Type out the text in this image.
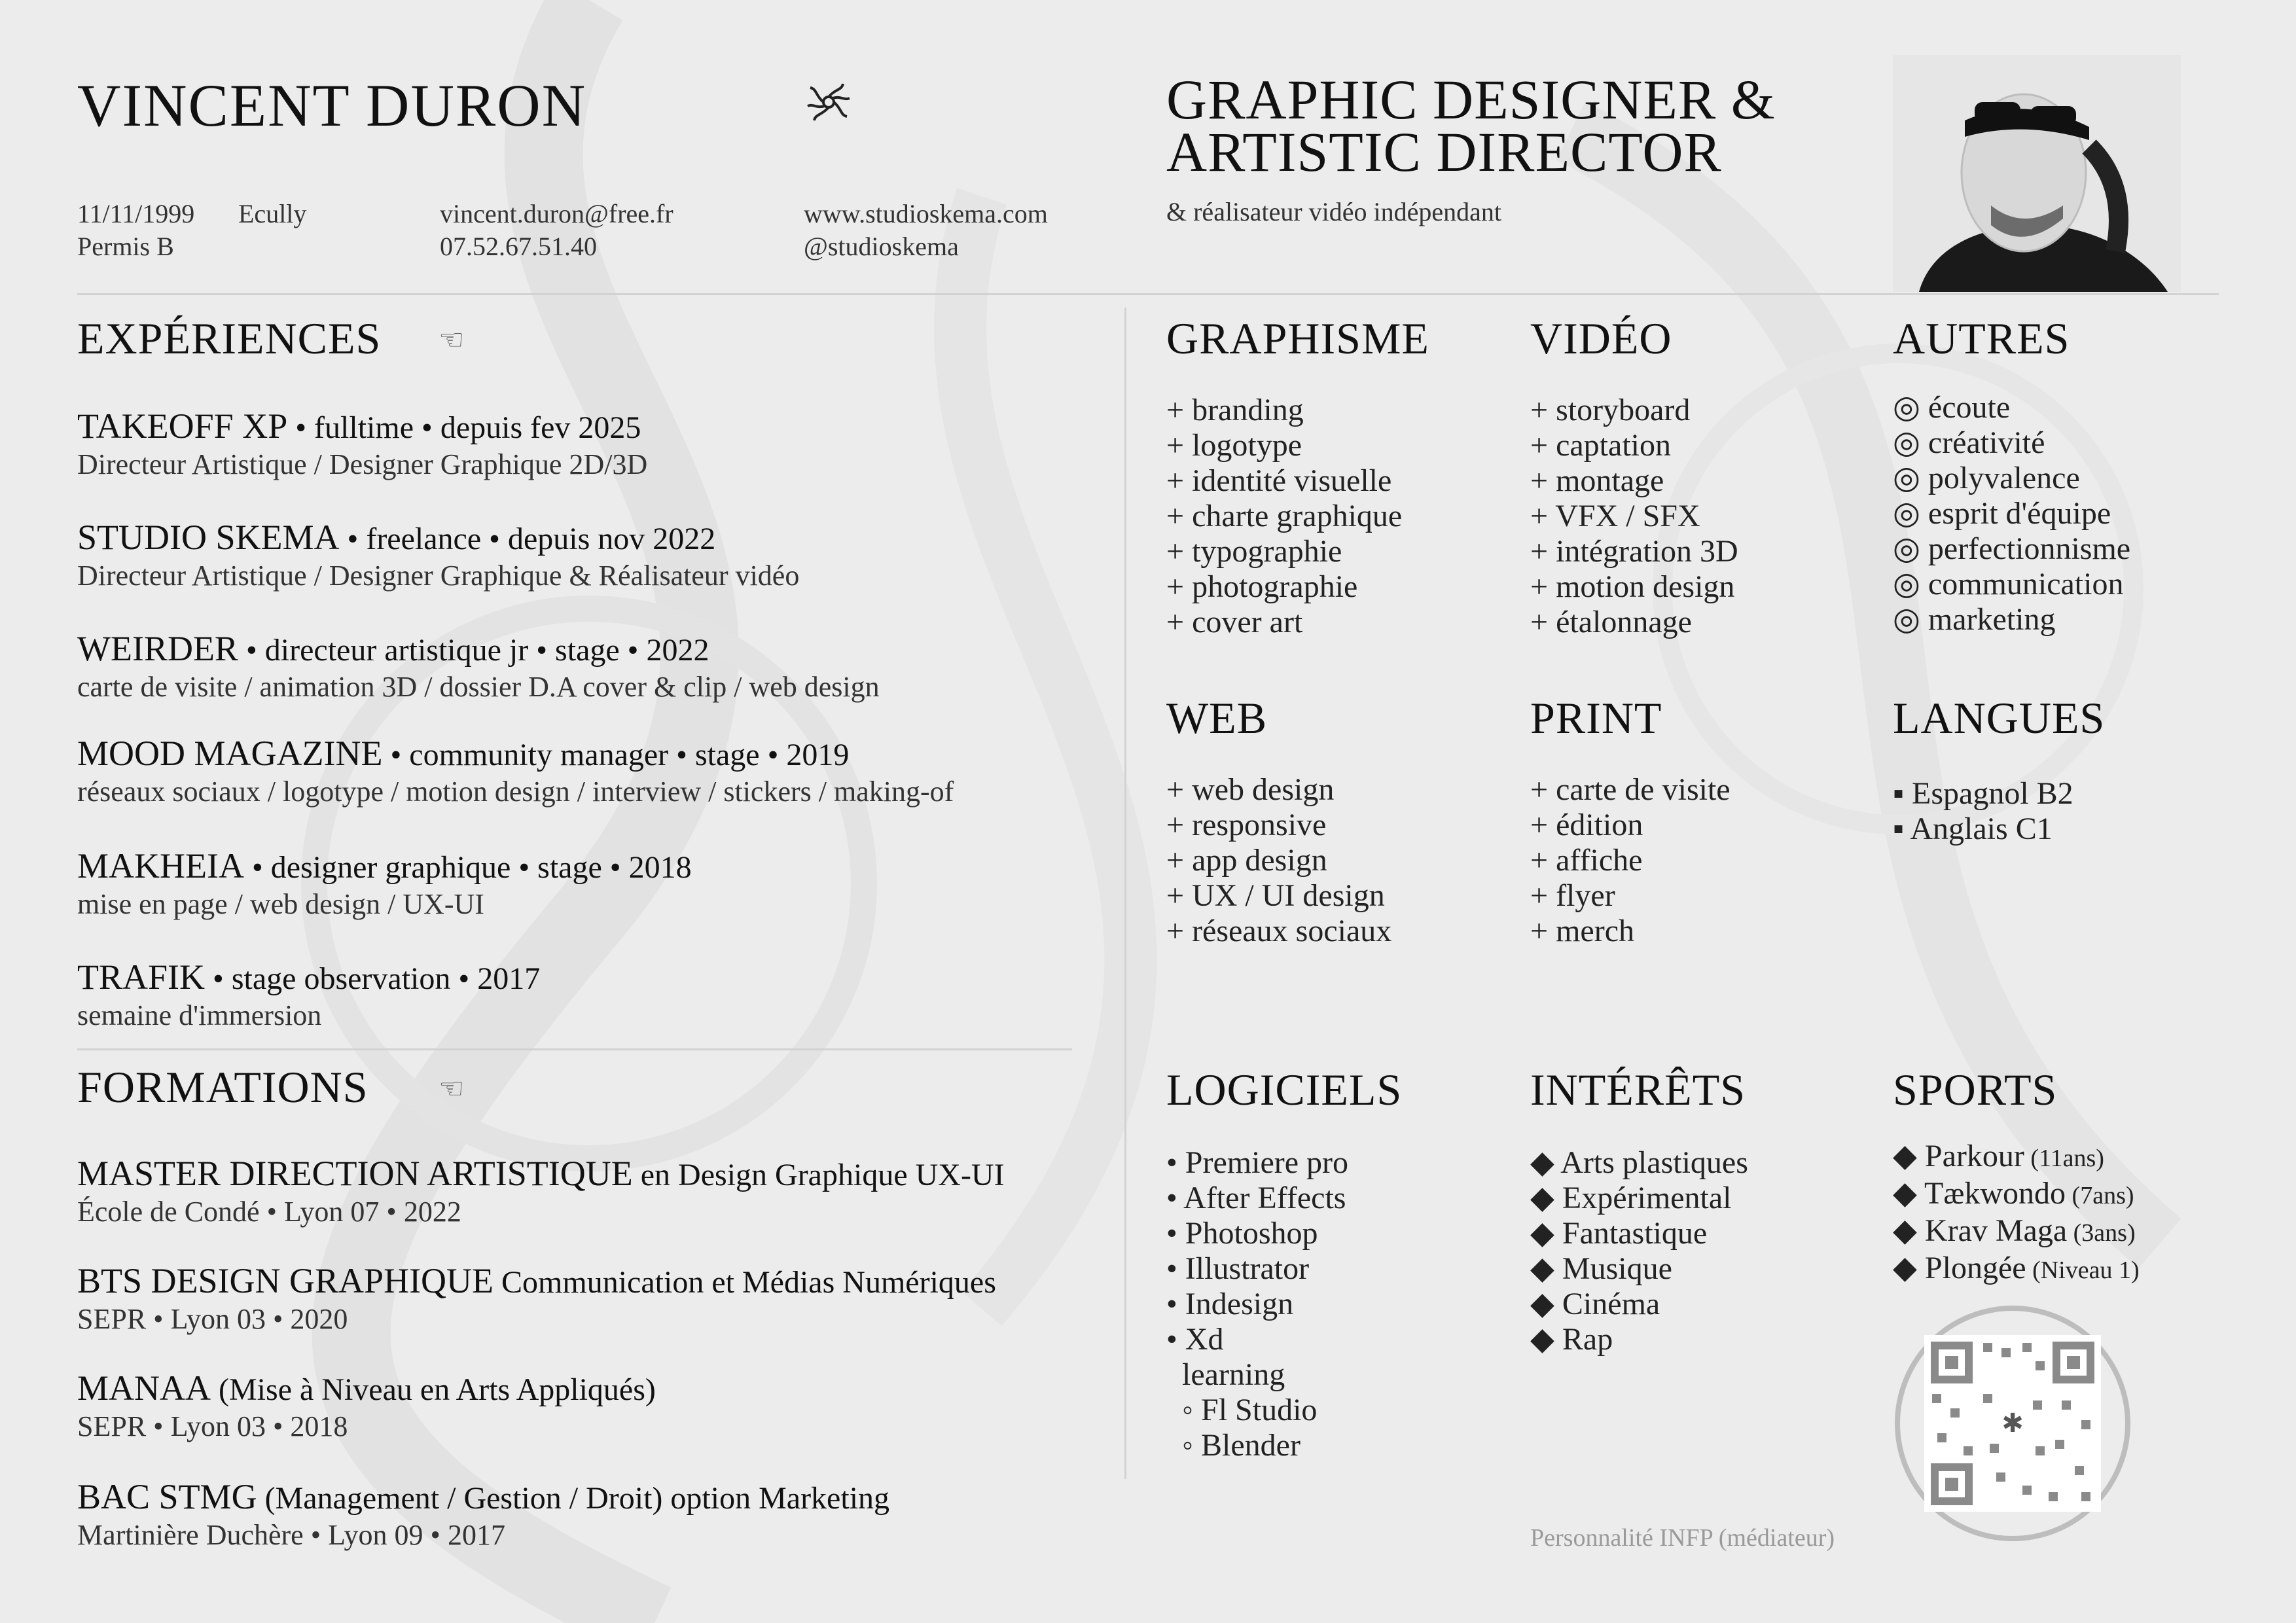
VINCENT DURON
11/11/1999 Ecully
Permis B
vincent.duron@free.fr
07.52.67.51.40
www.studioskema.com
@studioskema
GRAPHIC DESIGNER &
ARTISTIC DIRECTOR
& réalisateur vidéo indépendant
EXPÉRIENCES ☜
TAKEOFF XP • fulltime • depuis fev 2025
Directeur Artistique / Designer Graphique 2D/3D
STUDIO SKEMA • freelance • depuis nov 2022
Directeur Artistique / Designer Graphique & Réalisateur vidéo
WEIRDER • directeur artistique jr • stage • 2022
carte de visite / animation 3D / dossier D.A cover & clip / web design
MOOD MAGAZINE • community manager • stage • 2019
réseaux sociaux / logotype / motion design / interview / stickers / making-of
MAKHEIA • designer graphique • stage • 2018
mise en page / web design / UX-UI
TRAFIK • stage observation • 2017
semaine d'immersion
FORMATIONS ☜
MASTER DIRECTION ARTISTIQUE en Design Graphique UX-UI
École de Condé • Lyon 07 • 2022
BTS DESIGN GRAPHIQUE Communication et Médias Numériques
SEPR • Lyon 03 • 2020
MANAA (Mise à Niveau en Arts Appliqués)
SEPR • Lyon 03 • 2018
BAC STMG (Management / Gestion / Droit) option Marketing
Martinière Duchère • Lyon 09 • 2017
GRAPHISME
+ branding
+ logotype
+ identité visuelle
+ charte graphique
+ typographie
+ photographie
+ cover art
VIDÉO
+ storyboard
+ captation
+ montage
+ VFX / SFX
+ intégration 3D
+ motion design
+ étalonnage
AUTRES
◎ écoute
◎ créativité
◎ polyvalence
◎ esprit d'équipe
◎ perfectionnisme
◎ communication
◎ marketing
WEB
+ web design
+ responsive
+ app design
+ UX / UI design
+ réseaux sociaux
PRINT
+ carte de visite
+ édition
+ affiche
+ flyer
+ merch
LANGUES
▪ Espagnol B2
▪ Anglais C1
LOGICIELS
• Premiere pro
• After Effects
• Photoshop
• Illustrator
• Indesign
• Xd
learning
◦ Fl Studio
◦ Blender
INTÉRÊTS
◆ Arts plastiques
◆ Expérimental
◆ Fantastique
◆ Musique
◆ Cinéma
◆ Rap
SPORTS
◆ Parkour (11ans)
◆ Tækwondo (7ans)
◆ Krav Maga (3ans)
◆ Plongée (Niveau 1)
✱
Personnalité INFP (médiateur)
